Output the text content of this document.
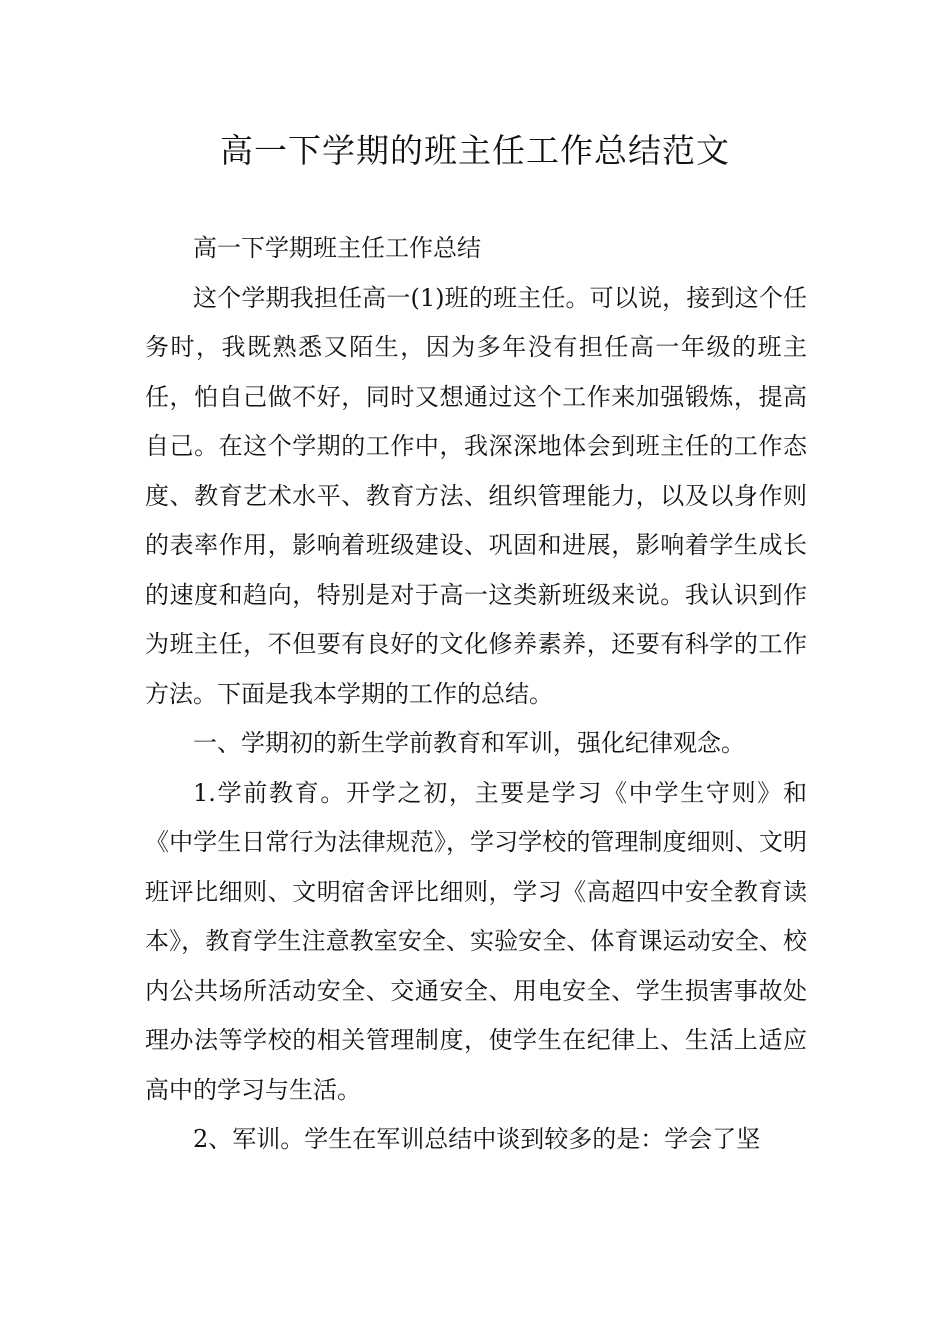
高一下学期的班主任工作总结范文

高一下学期班主任工作总结

这个学期我担任高一(1)班的班主任。可以说，接到这个任务时，我既熟悉又陌生，因为多年没有担任高一年级的班主任，怕自己做不好，同时又想通过这个工作来加强锻炼，提高自己。在这个学期的工作中，我深深地体会到班主任的工作态度、教育艺术水平、教育方法、组织管理能力，以及以身作则的表率作用，影响着班级建设、巩固和进展，影响着学生成长的速度和趋向，特别是对于高一这类新班级来说。我认识到作为班主任，不但要有良好的文化修养素养，还要有科学的工作方法。下面是我本学期的工作的总结。

一、学期初的新生学前教育和军训，强化纪律观念。

1.学前教育。开学之初，主要是学习《中学生守则》和《中学生日常行为法律规范》，学习学校的管理制度细则、文明班评比细则、文明宿舍评比细则，学习《高超四中安全教育读本》，教育学生注意教室安全、实验安全、体育课运动安全、校内公共场所活动安全、交通安全、用电安全、学生损害事故处理办法等学校的相关管理制度，使学生在纪律上、生活上适应高中的学习与生活。

2、军训。学生在军训总结中谈到较多的是：学会了坚
